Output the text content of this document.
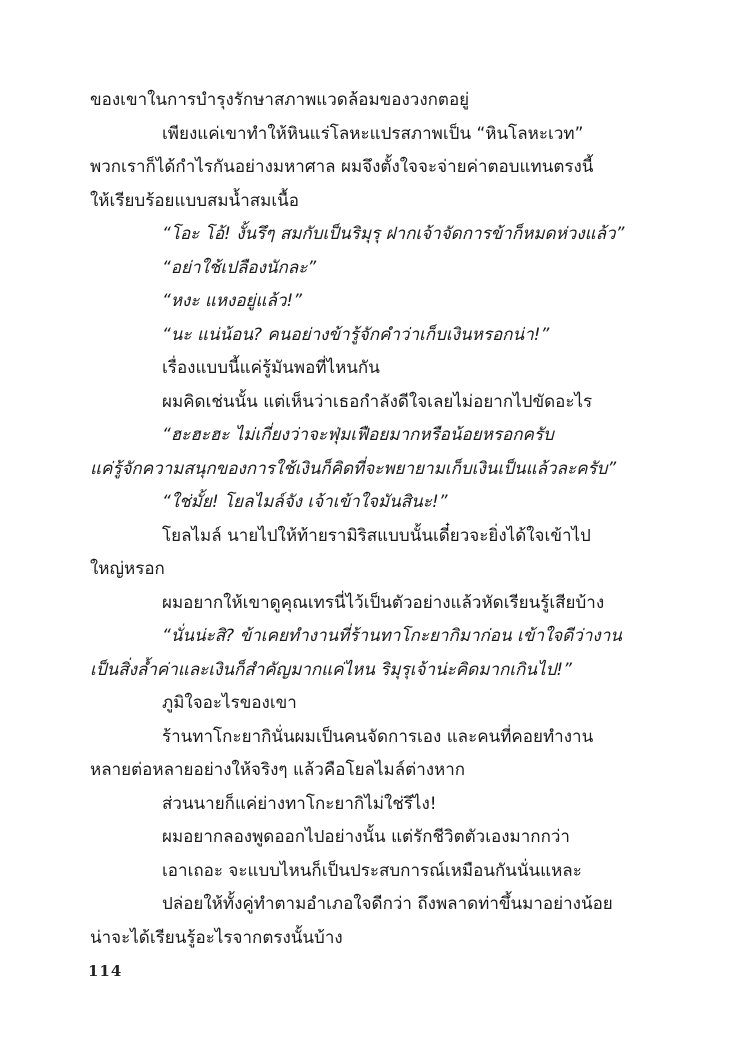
ของเขาในการบำรุงรักษาสภาพแวดล้อมของวงกตอยู่
เพียงแค่เขาทำให้หินแร่โลหะแปรสภาพเป็น “หินโลหะเวท”
พวกเราก็ได้กำไรกันอย่างมหาศาล ผมจึงตั้งใจจะจ่ายค่าตอบแทนตรงนี้
ให้เรียบร้อยแบบสมน้ำสมเนื้อ
“โอะ โอ้! งั้นรึๆ สมกับเป็นริมุรุ ฝากเจ้าจัดการข้าก็หมดห่วงแล้ว”
“อย่าใช้เปลืองนักละ”
“หงะ แหงอยู่แล้ว!”
“นะ แน่น้อน? คนอย่างข้ารู้จักคำว่าเก็บเงินหรอกน่า!”
เรื่องแบบนี้แค่รู้มันพอที่ไหนกัน
ผมคิดเช่นนั้น แต่เห็นว่าเธอกำลังดีใจเลยไม่อยากไปขัดอะไร
“ฮะฮะฮะ ไม่เกี่ยงว่าจะฟุ่มเฟือยมากหรือน้อยหรอกครับ
แค่รู้จักความสนุกของการใช้เงินก็คิดที่จะพยายามเก็บเงินเป็นแล้วละครับ”
“ใช่มั้ย! โยลไมล์จัง เจ้าเข้าใจมันสินะ!”
โยลไมล์ นายไปให้ท้ายรามิริสแบบนั้นเดี๋ยวจะยิ่งได้ใจเข้าไป
ใหญ่หรอก
ผมอยากให้เขาดูคุณเทรนี่ไว้เป็นตัวอย่างแล้วหัดเรียนรู้เสียบ้าง
“นั่นน่ะสิ? ข้าเคยทำงานที่ร้านทาโกะยากิมาก่อน เข้าใจดีว่างาน
เป็นสิ่งล้ำค่าและเงินก็สำคัญมากแค่ไหน ริมุรุเจ้าน่ะคิดมากเกินไป!”
ภูมิใจอะไรของเขา
ร้านทาโกะยากินั่นผมเป็นคนจัดการเอง และคนที่คอยทำงาน
หลายต่อหลายอย่างให้จริงๆ แล้วคือโยลไมล์ต่างหาก
ส่วนนายก็แค่ย่างทาโกะยากิไม่ใช่รึไง!
ผมอยากลองพูดออกไปอย่างนั้น แต่รักชีวิตตัวเองมากกว่า
เอาเถอะ จะแบบไหนก็เป็นประสบการณ์เหมือนกันนั่นแหละ
ปล่อยให้ทั้งคู่ทำตามอำเภอใจดีกว่า ถึงพลาดท่าขึ้นมาอย่างน้อย
น่าจะได้เรียนรู้อะไรจากตรงนั้นบ้าง
114
